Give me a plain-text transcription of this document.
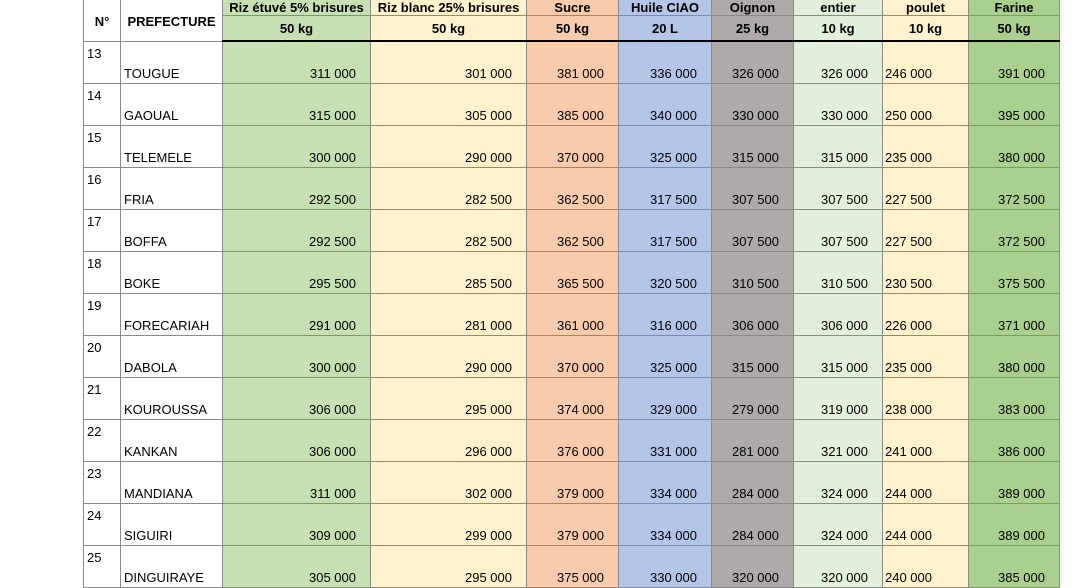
N°	PREFECTURE	Riz étuvé 5% brisures	Riz blanc 25% brisures	Sucre	Huile CIAO	Oignon	entier	poulet	Farine
		50 kg	50 kg	50 kg	20 L	25 kg	10 kg	10 kg	50 kg
13	TOUGUE	311 000	301 000	381 000	336 000	326 000	326 000	246 000	391 000
14	GAOUAL	315 000	305 000	385 000	340 000	330 000	330 000	250 000	395 000
15	TELEMELE	300 000	290 000	370 000	325 000	315 000	315 000	235 000	380 000
16	FRIA	292 500	282 500	362 500	317 500	307 500	307 500	227 500	372 500
17	BOFFA	292 500	282 500	362 500	317 500	307 500	307 500	227 500	372 500
18	BOKE	295 500	285 500	365 500	320 500	310 500	310 500	230 500	375 500
19	FORECARIAH	291 000	281 000	361 000	316 000	306 000	306 000	226 000	371 000
20	DABOLA	300 000	290 000	370 000	325 000	315 000	315 000	235 000	380 000
21	KOUROUSSA	306 000	295 000	374 000	329 000	279 000	319 000	238 000	383 000
22	KANKAN	306 000	296 000	376 000	331 000	281 000	321 000	241 000	386 000
23	MANDIANA	311 000	302 000	379 000	334 000	284 000	324 000	244 000	389 000
24	SIGUIRI	309 000	299 000	379 000	334 000	284 000	324 000	244 000	389 000
25	DINGUIRAYE	305 000	295 000	375 000	330 000	320 000	320 000	240 000	385 000
